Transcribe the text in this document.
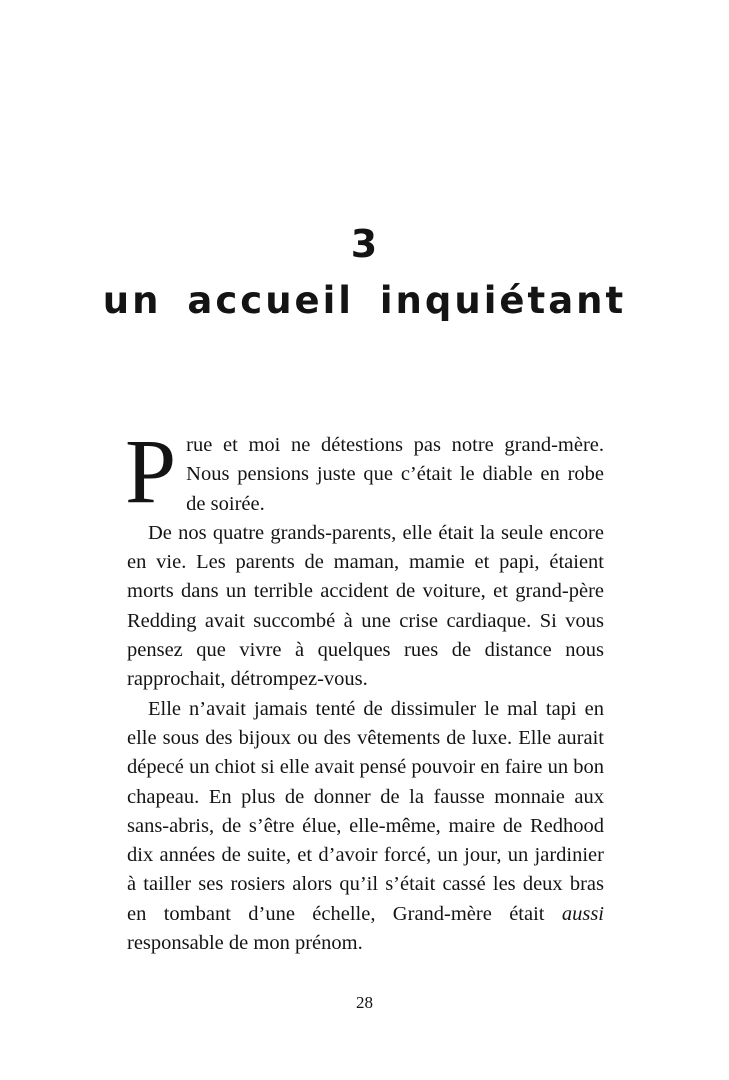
3
un accueil inquiétant

Prue et moi ne détestions pas notre grand-mère. Nous pensions juste que c’était le diable en robe de soirée.

De nos quatre grands-parents, elle était la seule encore en vie. Les parents de maman, mamie et papi, étaient morts dans un terrible accident de voiture, et grand-père Redding avait succombé à une crise cardiaque. Si vous pensez que vivre à quelques rues de distance nous rapprochait, détrompez-vous.

Elle n’avait jamais tenté de dissimuler le mal tapi en elle sous des bijoux ou des vêtements de luxe. Elle aurait dépecé un chiot si elle avait pensé pouvoir en faire un bon chapeau. En plus de donner de la fausse monnaie aux sans-abris, de s’être élue, elle-même, maire de Redhood dix années de suite, et d’avoir forcé, un jour, un jardinier à tailler ses rosiers alors qu’il s’était cassé les deux bras en tombant d’une échelle, Grand-mère était aussi responsable de mon prénom.

28
